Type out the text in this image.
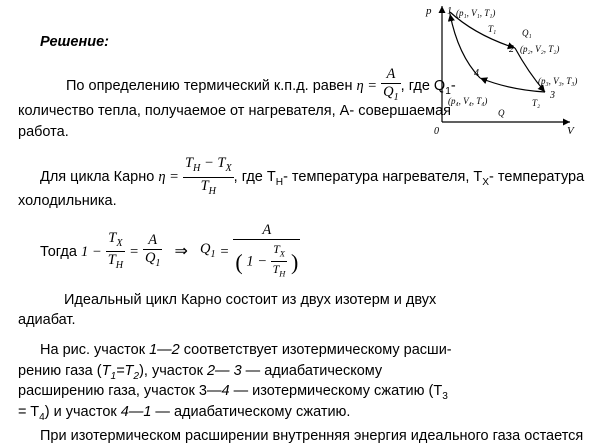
Решение:
По определению термический к.п.д. равен $\eta = \frac{A}{Q_1}$ , где $Q_1-$
количество тепла, получаемое от нагревателя, А- совершаемая
работа.
Для цикла Карно $\eta = \frac{T_H - T_X}{T_H}$ , где $T_H-$ температура нагревателя, $T_X-$ температура
холодильника.
Тогда $1 - \frac{T_X}{T_H} = \frac{A}{Q_1}$ ⇒ $Q_1 = \frac{A}{( 1 - \frac{T_X}{T_H} )}$
Идеальный цикл Карно состоит из двух изотерм и двух
адиабат.
На рис. участок 1—2 соответствует изотермическому расши-
рению газа $(T_1=T_2)$, участок 2— 3 — адиабатическому
расширению газа, участок 3—4 — изотермическому сжатию ($T_3$
= $T_4$) и участок 4—1 — адиабатическому сжатию.
При изотермическом расширении внутренняя энергия идеального газа остается
p
V
0
1 (p₁, V₁, T₁)
T₁	Q₁
2 (p₂, V₂, T₂)
(p₃, V₃, T₃)
3
T₂
4
(p₄, V₄, T₄)
Q
